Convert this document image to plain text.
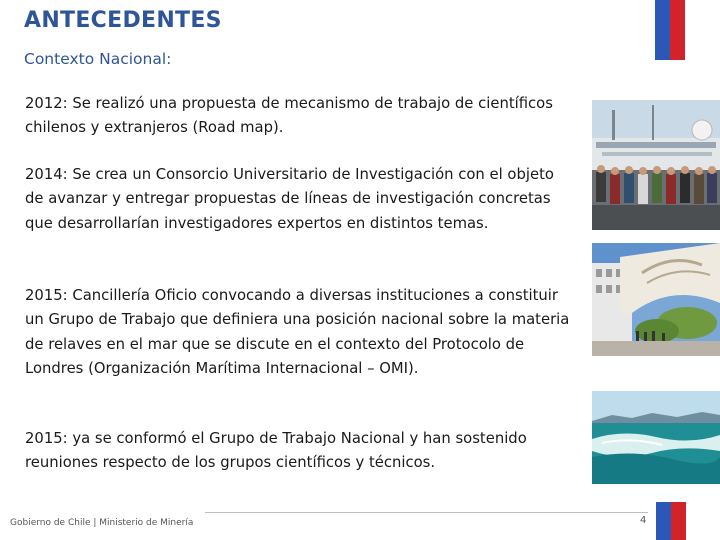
ANTECEDENTES
Contexto Nacional:
2012: Se realizó una propuesta de mecanismo de trabajo de científicos chilenos y extranjeros (Road map).
2014: Se crea un Consorcio Universitario de Investigación con el objeto de avanzar y entregar propuestas de líneas de investigación concretas que desarrollarían investigadores expertos en distintos temas.
2015: Cancillería Oficio convocando a diversas instituciones a constituir un Grupo de Trabajo que definiera una posición nacional sobre la materia de relaves en el mar que se discute en el contexto del Protocolo de Londres (Organización Marítima Internacional – OMI).
2015: ya se conformó el Grupo de Trabajo Nacional y han sostenido reuniones respecto de los grupos científicos y técnicos.
Gobierno de Chile | Ministerio de Minería	4
